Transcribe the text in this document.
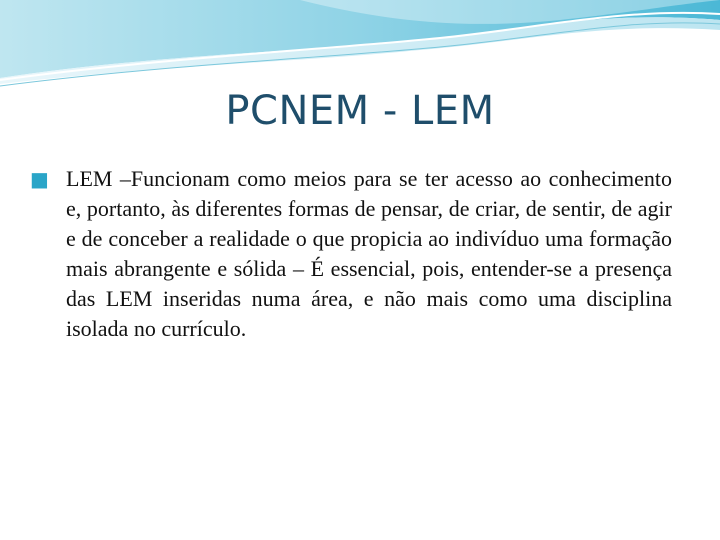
PCNEM - LEM

■ LEM –Funcionam como meios para se ter acesso ao conhecimento e, portanto, às diferentes formas de pensar, de criar, de sentir, de agir e de conceber a realidade o que propicia ao indivíduo uma formação mais abrangente e sólida – É essencial, pois, entender-se a presença das LEM inseridas numa área, e não mais como uma disciplina isolada no currículo.
